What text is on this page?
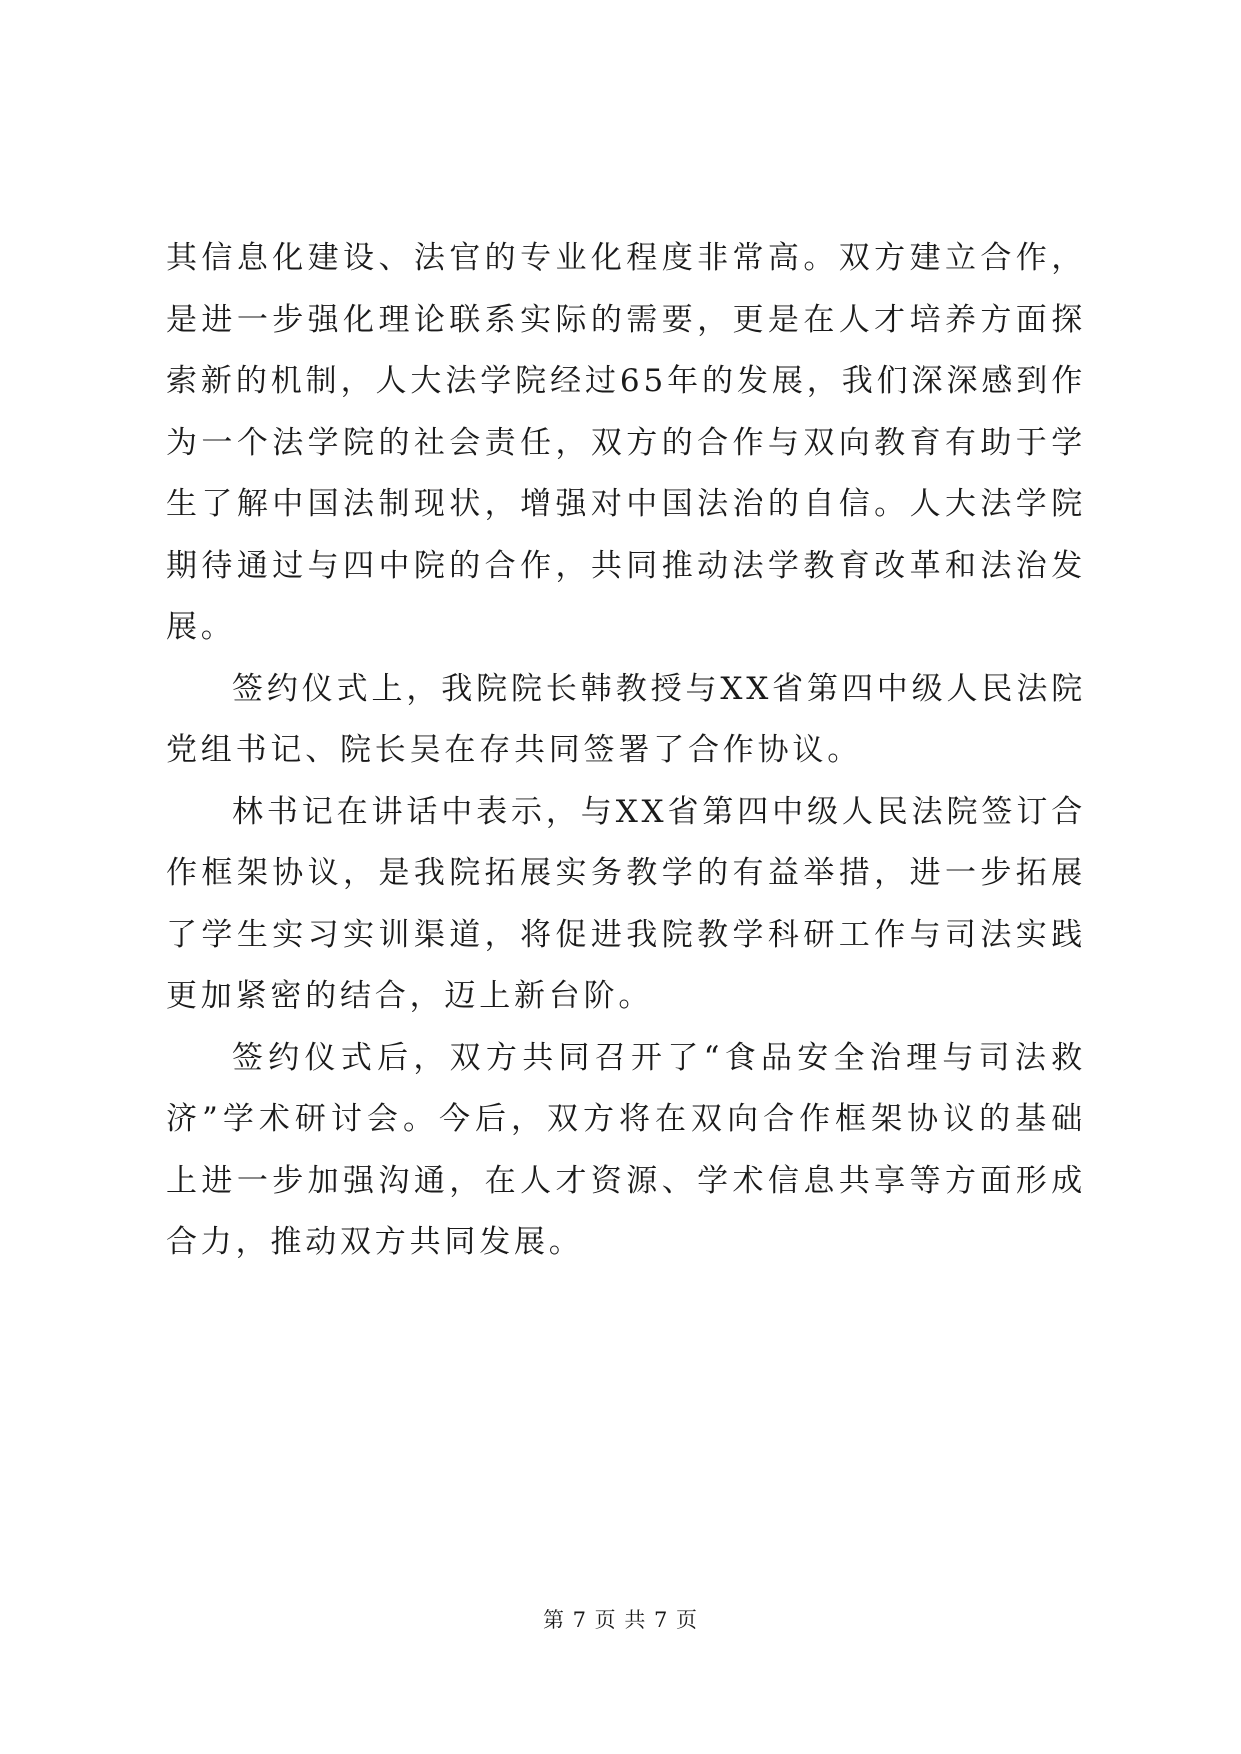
其信息化建设、法官的专业化程度非常高。双方建立合作，是进一步强化理论联系实际的需要，更是在人才培养方面探索新的机制，人大法学院经过65年的发展，我们深深感到作为一个法学院的社会责任，双方的合作与双向教育有助于学生了解中国法制现状，增强对中国法治的自信。人大法学院期待通过与四中院的合作，共同推动法学教育改革和法治发展。

签约仪式上，我院院长韩教授与XX省第四中级人民法院党组书记、院长吴在存共同签署了合作协议。

林书记在讲话中表示，与XX省第四中级人民法院签订合作框架协议，是我院拓展实务教学的有益举措，进一步拓展了学生实习实训渠道，将促进我院教学科研工作与司法实践更加紧密的结合，迈上新台阶。

签约仪式后，双方共同召开了“食品安全治理与司法救济”学术研讨会。今后，双方将在双向合作框架协议的基础上进一步加强沟通，在人才资源、学术信息共享等方面形成合力，推动双方共同发展。

第 7 页 共 7 页
